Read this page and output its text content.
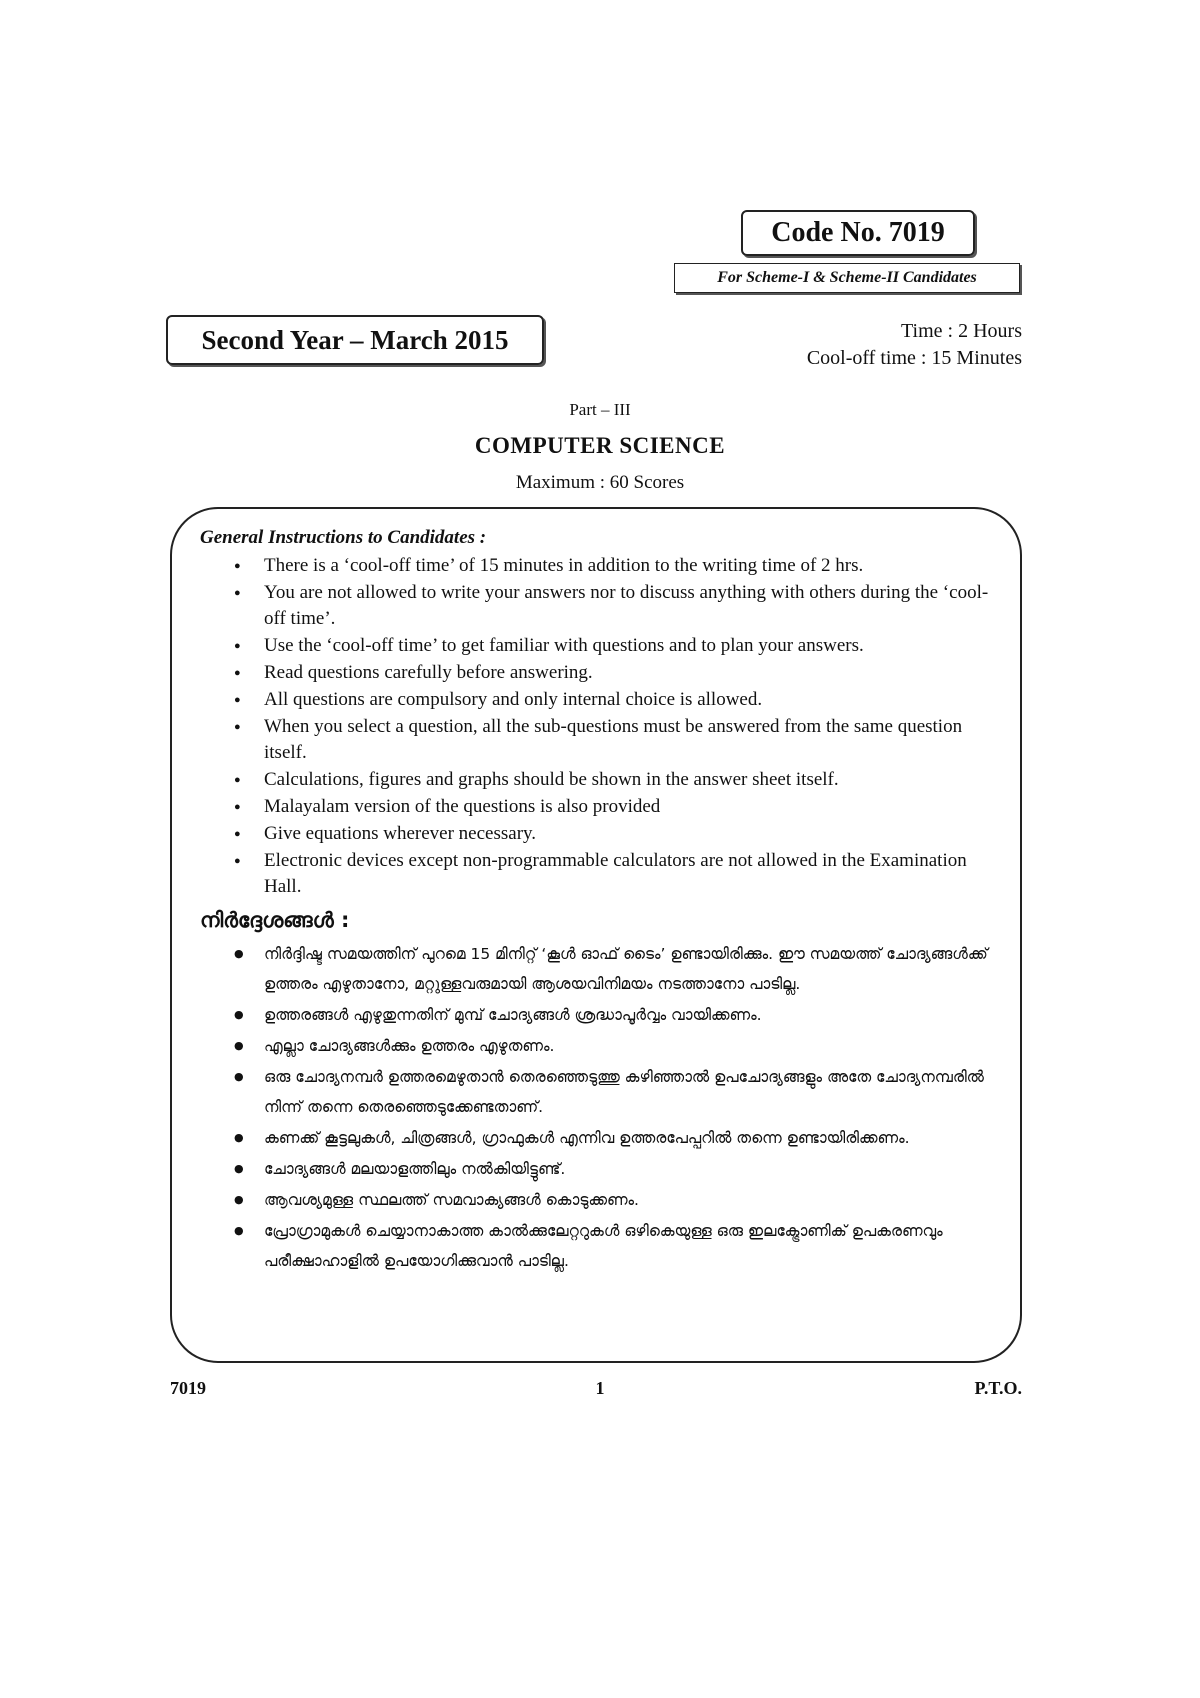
Code No. 7019
For Scheme-I & Scheme-II Candidates
Second Year – March 2015	Time : 2 Hours
Cool-off time : 15 Minutes
Part – III
COMPUTER SCIENCE
Maximum : 60 Scores
General Instructions to Candidates :
● There is a ‘cool-off time’ of 15 minutes in addition to the writing time of 2 hrs.
● You are not allowed to write your answers nor to discuss anything with others during the ‘cool-off time’.
● Use the ‘cool-off time’ to get familiar with questions and to plan your answers.
● Read questions carefully before answering.
● All questions are compulsory and only internal choice is allowed.
● When you select a question, all the sub-questions must be answered from the same question itself.
● Calculations, figures and graphs should be shown in the answer sheet itself.
● Malayalam version of the questions is also provided
● Give equations wherever necessary.
● Electronic devices except non-programmable calculators are not allowed in the Examination Hall.
നിർദ്ദേശങ്ങൾ :
● നിർദ്ദിഷ്ട സമയത്തിന് പുറമെ 15 മിനിറ്റ് ‘കൂൾ ഓഫ് ടൈം’ ഉണ്ടായിരിക്കും. ഈ സമയത്ത് ചോദ്യങ്ങൾക്ക് ഉത്തരം എഴുതാനോ, മറ്റുള്ളവരുമായി ആശയവിനിമയം നടത്താനോ പാടില്ല.
● ഉത്തരങ്ങൾ എഴുതുന്നതിന് മുമ്പ് ചോദ്യങ്ങൾ ശ്രദ്ധാപൂർവ്വം വായിക്കണം.
● എല്ലാ ചോദ്യങ്ങൾക്കും ഉത്തരം എഴുതണം.
● ഒരു ചോദ്യനമ്പർ ഉത്തരമെഴുതാൻ തെരഞ്ഞെടുത്തു കഴിഞ്ഞാൽ ഉപചോദ്യങ്ങളും അതേ ചോദ്യനമ്പരിൽ നിന്ന് തന്നെ തെരഞ്ഞെടുക്കേണ്ടതാണ്.
● കണക്ക് കൂട്ടലുകൾ, ചിത്രങ്ങൾ, ഗ്രാഫുകൾ എന്നിവ ഉത്തരപേപ്പറിൽ തന്നെ ഉണ്ടായിരിക്കണം.
● ചോദ്യങ്ങൾ മലയാളത്തിലും നൽകിയിട്ടുണ്ട്.
● ആവശ്യമുള്ള സ്ഥലത്ത് സമവാക്യങ്ങൾ കൊടുക്കണം.
● പ്രോഗ്രാമുകൾ ചെയ്യാനാകാത്ത കാൽക്കുലേറ്ററുകൾ ഒഴികെയുള്ള ഒരു ഇലക്ട്രോണിക് ഉപകരണവും പരീക്ഷാഹാളിൽ ഉപയോഗിക്കുവാൻ പാടില്ല.
7019	1	P.T.O.
